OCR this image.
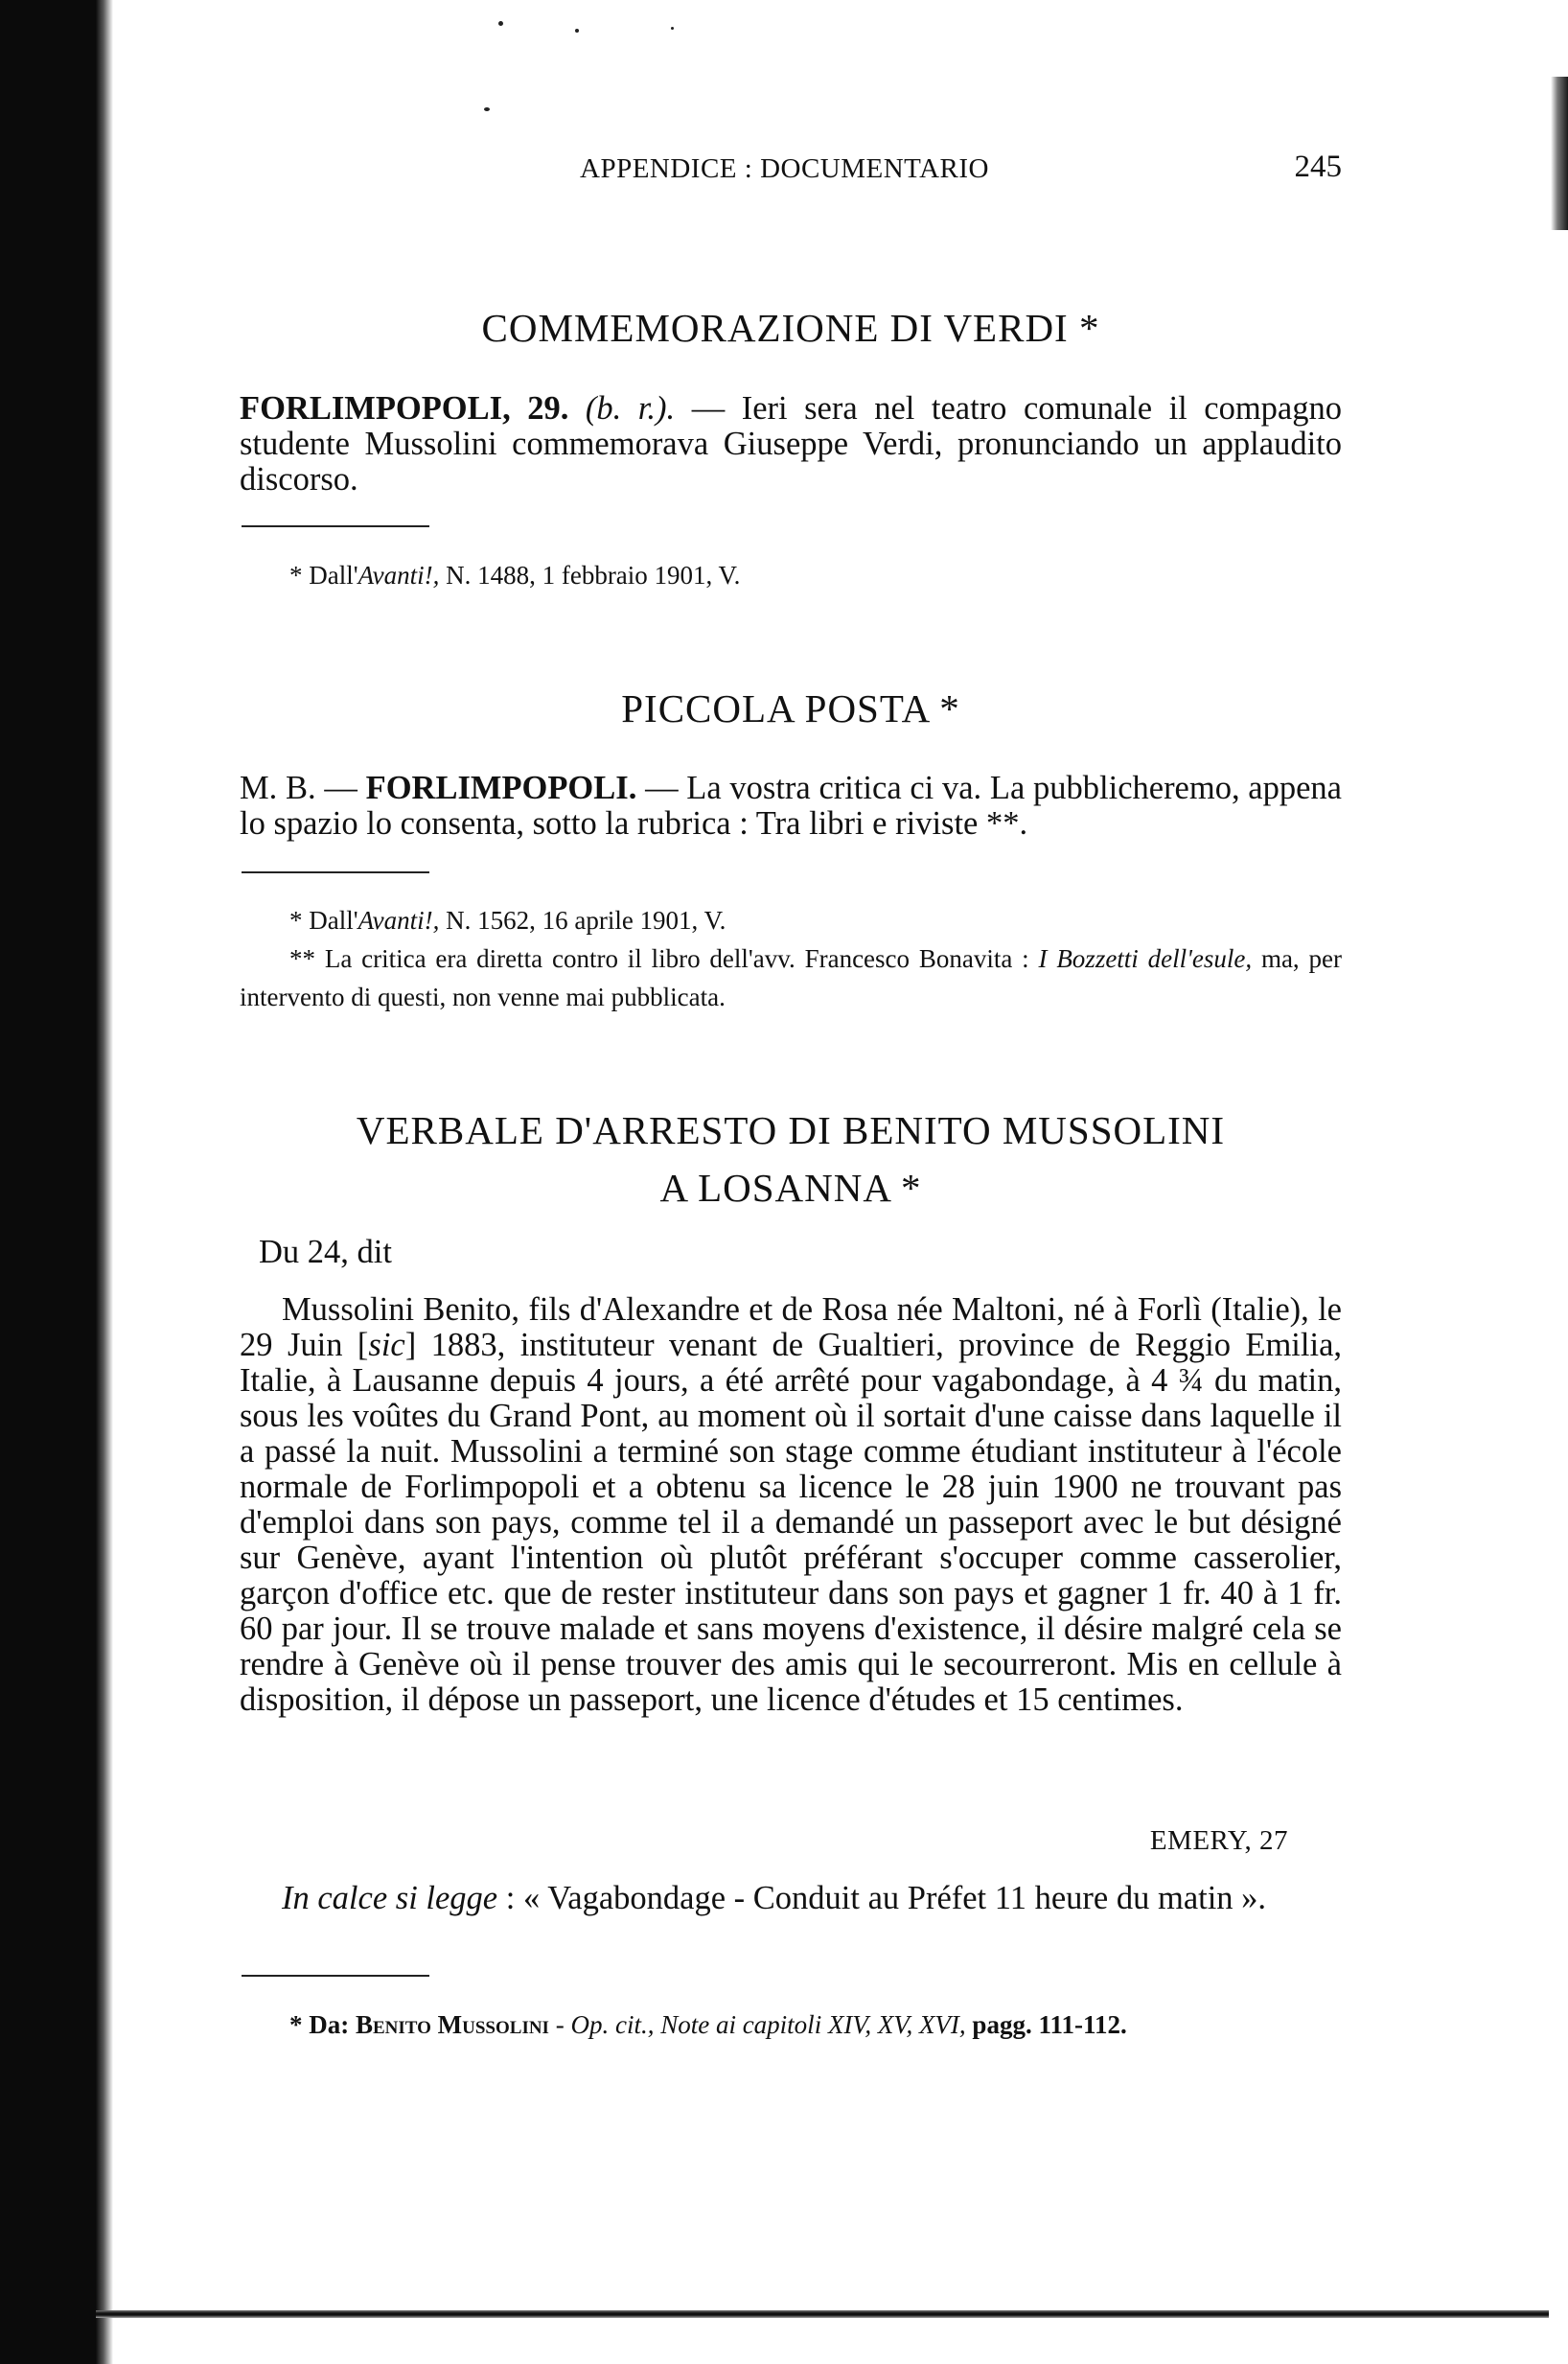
APPENDICE : DOCUMENTARIO	245
COMMEMORAZIONE DI VERDI *
FORLIMPOPOLI, 29. (b. r.). — Ieri sera nel teatro comunale il compagno studente Mussolini commemorava Giuseppe Verdi, pronunciando un applaudito discorso.
* Dall'Avanti!, N. 1488, 1 febbraio 1901, V.
PICCOLA POSTA *
M. B. — FORLIMPOPOLI. — La vostra critica ci va. La pubblicheremo, appena lo spazio lo consenta, sotto la rubrica : Tra libri e riviste **.
* Dall'Avanti!, N. 1562, 16 aprile 1901, V.
** La critica era diretta contro il libro dell'avv. Francesco Bonavita : I Bozzetti dell'esule, ma, per intervento di questi, non venne mai pubblicata.
VERBALE D'ARRESTO DI BENITO MUSSOLINI
A LOSANNA *
Du 24, dit
Mussolini Benito, fils d'Alexandre et de Rosa née Maltoni, né à Forlì (Italie), le 29 Juin [sic] 1883, instituteur venant de Gualtieri, province de Reggio Emilia, Italie, à Lausanne depuis 4 jours, a été arrêté pour vagabondage, à 4 ¾ du matin, sous les voûtes du Grand Pont, au moment où il sortait d'une caisse dans laquelle il a passé la nuit. Mussolini a terminé son stage comme étudiant instituteur à l'école normale de Forlimpopoli et a obtenu sa licence le 28 juin 1900 ne trouvant pas d'emploi dans son pays, comme tel il a demandé un passeport avec le but désigné sur Genève, ayant l'intention où plutôt préférant s'occuper comme casserolier, garçon d'office etc. que de rester instituteur dans son pays et gagner 1 fr. 40 à 1 fr. 60 par jour. Il se trouve malade et sans moyens d'existence, il désire malgré cela se rendre à Genève où il pense trouver des amis qui le secourreront. Mis en cellule à disposition, il dépose un passeport, une licence d'études et 15 centimes.
EMERY, 27
In calce si legge : « Vagabondage - Conduit au Préfet 11 heure du matin ».
* Da: Benito Mussolini - Op. cit., Note ai capitoli XIV, XV, XVI, pagg. 111-112.
